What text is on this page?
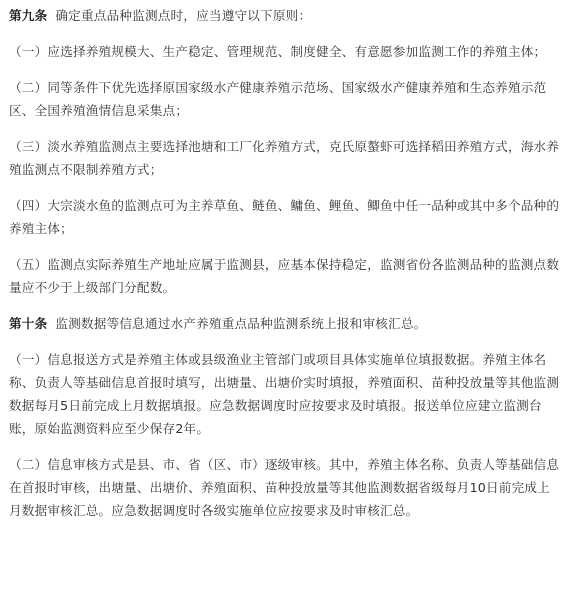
第九条 确定重点品种监测点时，应当遵守以下原则：

（一）应选择养殖规模大、生产稳定、管理规范、制度健全、有意愿参加监测工作的养殖主体；

（二）同等条件下优先选择原国家级水产健康养殖示范场、国家级水产健康养殖和生态养殖示范区、全国养殖渔情信息采集点；

（三）淡水养殖监测点主要选择池塘和工厂化养殖方式，克氏原螯虾可选择稻田养殖方式，海水养殖监测点不限制养殖方式；

（四）大宗淡水鱼的监测点可为主养草鱼、鲢鱼、鳙鱼、鲤鱼、鲫鱼中任一品种或其中多个品种的养殖主体；

（五）监测点实际养殖生产地址应属于监测县，应基本保持稳定，监测省份各监测品种的监测点数量应不少于上级部门分配数。

第十条 监测数据等信息通过水产养殖重点品种监测系统上报和审核汇总。

（一）信息报送方式是养殖主体或县级渔业主管部门或项目具体实施单位填报数据。养殖主体名称、负责人等基础信息首报时填写，出塘量、出塘价实时填报，养殖面积、苗种投放量等其他监测数据每月5日前完成上月数据填报。应急数据调度时应按要求及时填报。报送单位应建立监测台账，原始监测资料应至少保存2年。

（二）信息审核方式是县、市、省（区、市）逐级审核。其中，养殖主体名称、负责人等基础信息在首报时审核，出塘量、出塘价、养殖面积、苗种投放量等其他监测数据省级每月10日前完成上月数据审核汇总。应急数据调度时各级实施单位应按要求及时审核汇总。
